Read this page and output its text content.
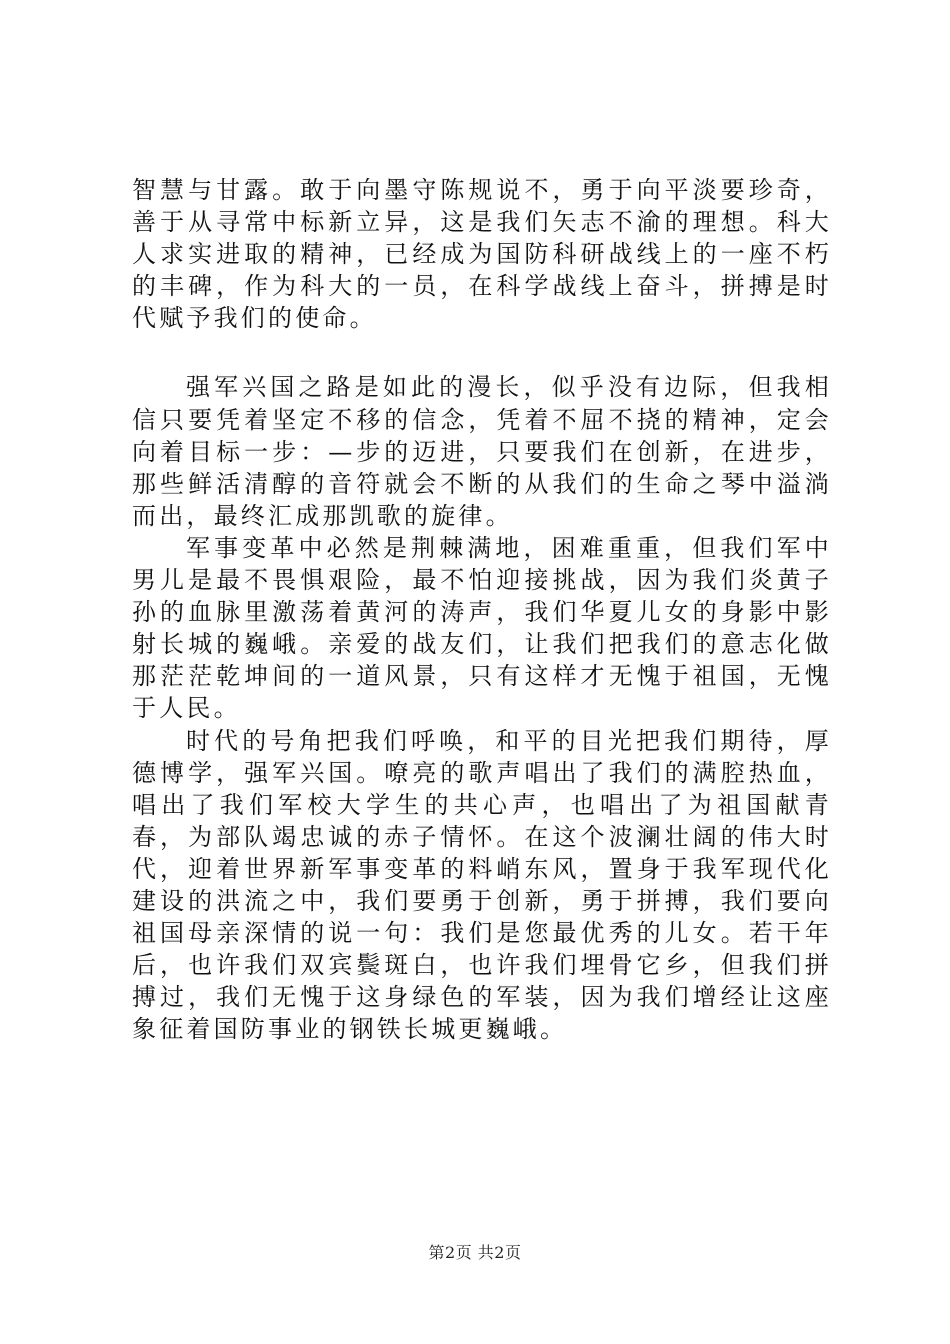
智慧与甘露。敢于向墨守陈规说不，勇于向平淡要珍奇，善于从寻常中标新立异，这是我们矢志不渝的理想。科大人求实进取的精神，已经成为国防科研战线上的一座不朽的丰碑，作为科大的一员，在科学战线上奋斗，拼搏是时代赋予我们的使命。

强军兴国之路是如此的漫长，似乎没有边际，但我相信只要凭着坚定不移的信念，凭着不屈不挠的精神，定会向着目标一步：—步的迈进，只要我们在创新，在进步，那些鲜活清醇的音符就会不断的从我们的生命之琴中溢淌而出，最终汇成那凯歌的旋律。

军事变革中必然是荆棘满地，困难重重，但我们军中男儿是最不畏惧艰险，最不怕迎接挑战，因为我们炎黄子孙的血脉里激荡着黄河的涛声，我们华夏儿女的身影中影射长城的巍峨。亲爱的战友们，让我们把我们的意志化做那茫茫乾坤间的一道风景，只有这样才无愧于祖国，无愧于人民。

时代的号角把我们呼唤，和平的目光把我们期待，厚德博学，强军兴国。嘹亮的歌声唱出了我们的满腔热血，唱出了我们军校大学生的共心声，也唱出了为祖国献青春，为部队竭忠诚的赤子情怀。在这个波澜壮阔的伟大时代，迎着世界新军事变革的料峭东风，置身于我军现代化建设的洪流之中，我们要勇于创新，勇于拼搏，我们要向祖国母亲深情的说一句：我们是您最优秀的儿女。若干年后，也许我们双宾鬓斑白，也许我们埋骨它乡，但我们拼搏过，我们无愧于这身绿色的军装，因为我们增经让这座象征着国防事业的钢铁长城更巍峨。

第2页 共2页
